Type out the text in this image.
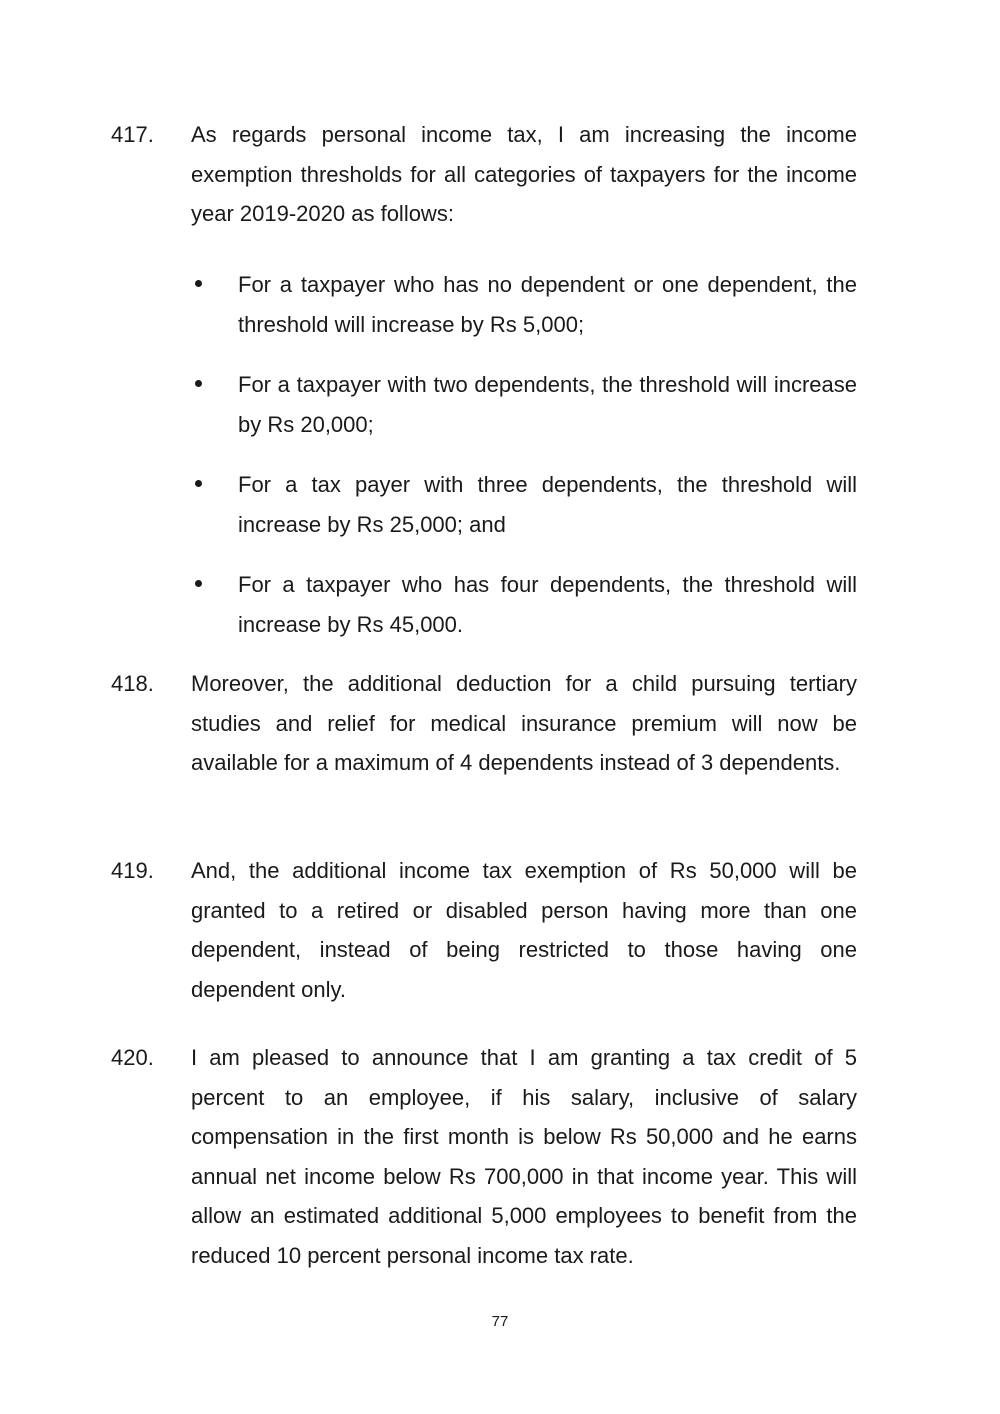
417. As regards personal income tax, I am increasing the income exemption thresholds for all categories of taxpayers for the income year 2019-2020 as follows:
For a taxpayer who has no dependent or one dependent, the threshold will increase by Rs 5,000;
For a taxpayer with two dependents, the threshold will increase by Rs 20,000;
For a tax payer with three dependents, the threshold will increase by Rs 25,000; and
For a taxpayer who has four dependents, the threshold will increase by Rs 45,000.
418. Moreover, the additional deduction for a child pursuing tertiary studies and relief for medical insurance premium will now be available for a maximum of 4 dependents instead of 3 dependents.
419. And, the additional income tax exemption of Rs 50,000 will be granted to a retired or disabled person having more than one dependent, instead of being restricted to those having one dependent only.
420. I am pleased to announce that I am granting a tax credit of 5 percent to an employee, if his salary, inclusive of salary compensation in the first month is below Rs 50,000 and he earns annual net income below Rs 700,000 in that income year. This will allow an estimated additional 5,000 employees to benefit from the reduced 10 percent personal income tax rate.
77
